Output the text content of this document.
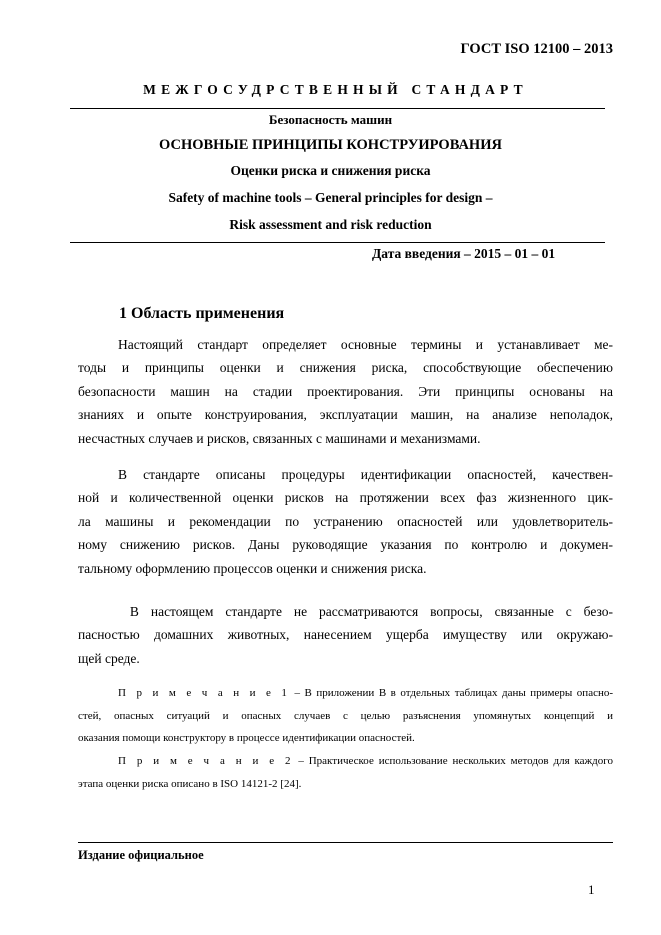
ГОСТ ISO 12100 – 2013
МЕЖГОСУДРСТВЕННЫЙ СТАНДАРТ
Безопасность машин
ОСНОВНЫЕ ПРИНЦИПЫ КОНСТРУИРОВАНИЯ
Оценки риска и снижения риска
Safety of machine tools – General principles for design –
Risk assessment and risk reduction
Дата введения – 2015 – 01 – 01
1 Область применения
Настоящий стандарт определяет основные термины и устанавливает ме-
тоды и принципы оценки и снижения риска, способствующие обеспечению
безопасности машин на стадии проектирования. Эти принципы основаны на
знаниях и опыте конструирования, эксплуатации машин, на анализе неполадок,
несчастных случаев и рисков, связанных с машинами и механизмами.
В стандарте описаны процедуры идентификации опасностей, качествен-
ной и количественной оценки рисков на протяжении всех фаз жизненного цик-
ла машины и рекомендации по устранению опасностей или удовлетворитель-
ному снижению рисков. Даны руководящие указания по контролю и докумен-
тальному оформлению процессов оценки и снижения риска.
В настоящем стандарте не рассматриваются вопросы, связанные с безо-
пасностью домашних животных, нанесением ущерба имуществу или окружаю-
щей среде.
П р и м е ч а н и е 1 – В приложении В в отдельных таблицах даны примеры опасно-
стей, опасных ситуаций и опасных случаев с целью разъяснения упомянутых концепций и
оказания помощи конструктору в процессе идентификации опасностей.
П р и м е ч а н и е 2 – Практическое использование нескольких методов для каждого
этапа оценки риска описано в ISO 14121-2 [24].
Издание официальное
1
